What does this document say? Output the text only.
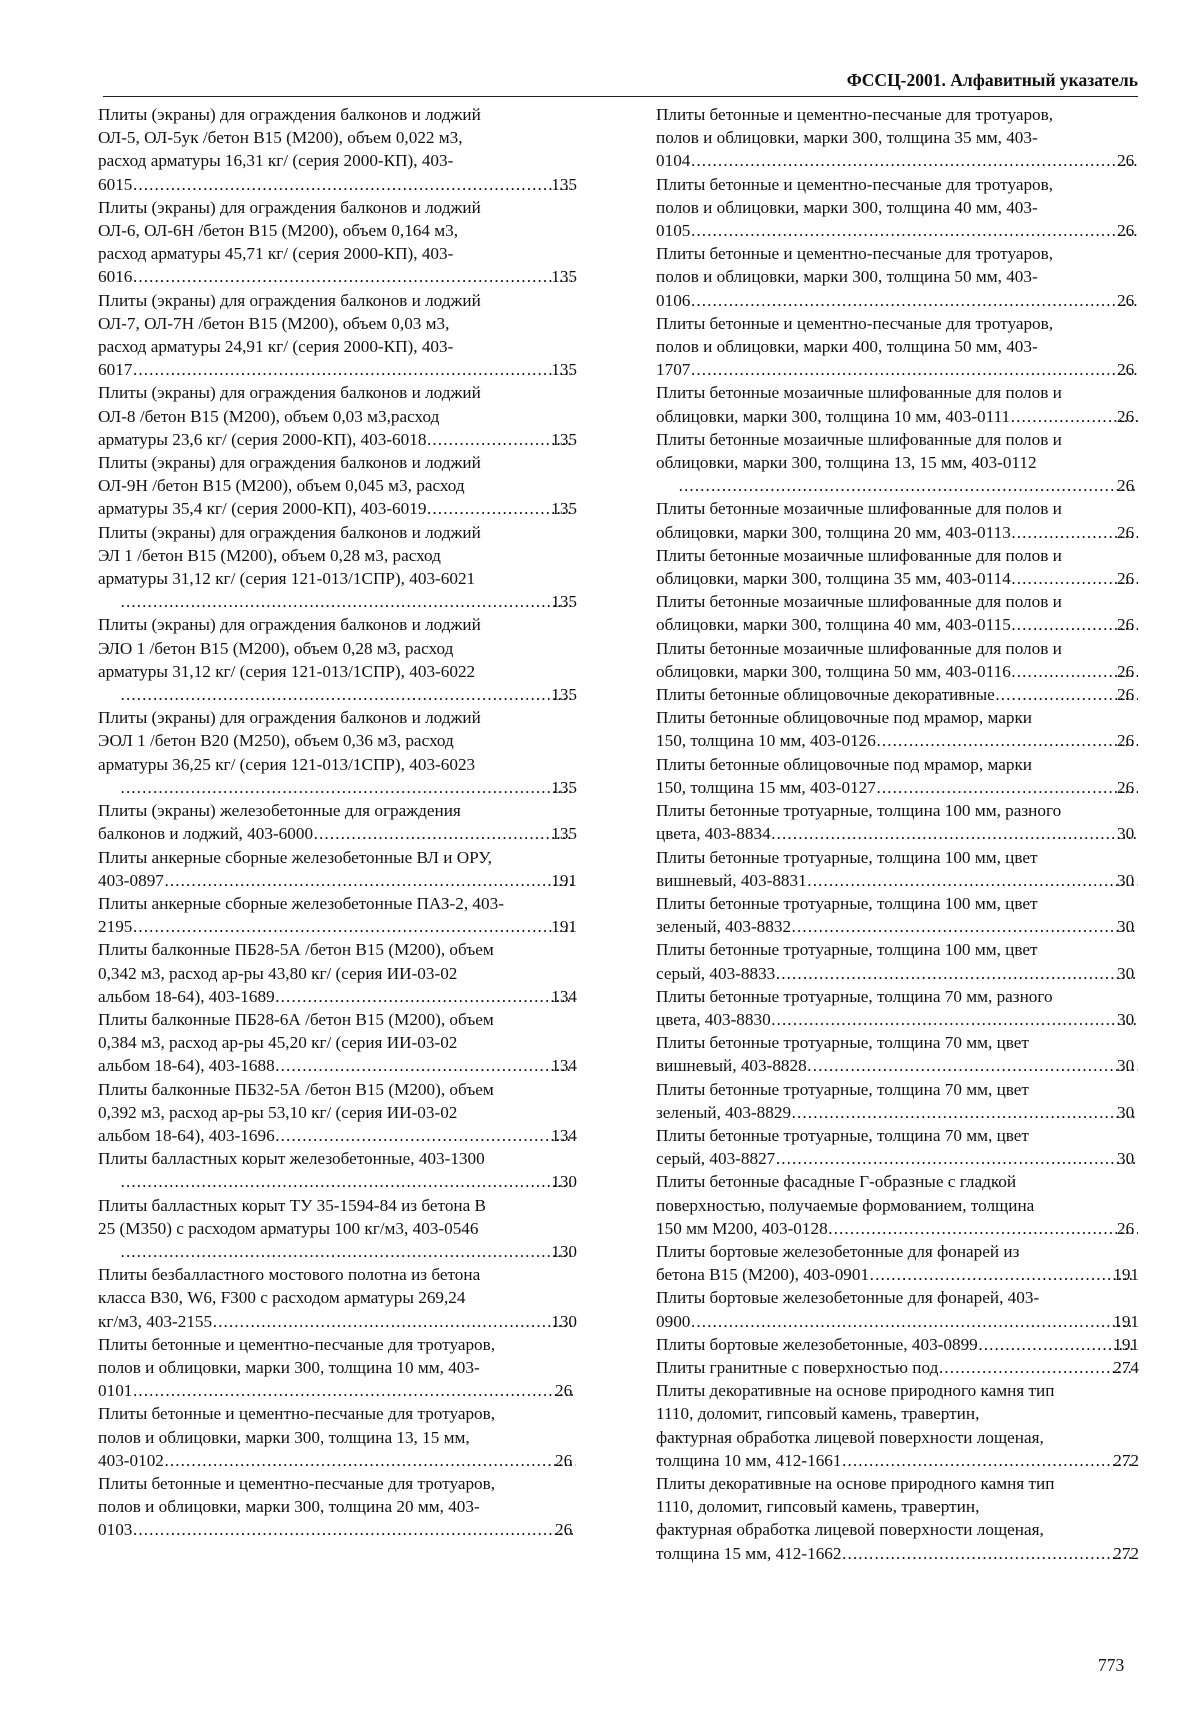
ФССЦ-2001. Алфавитный указатель
Плиты (экраны) для ограждения балконов и лоджий
ОЛ-5, ОЛ-5ук /бетон В15 (М200), объем 0,022 м3,
расход арматуры 16,31 кг/ (серия 2000-КП), 403-
6015 . . .	135
Плиты (экраны) для ограждения балконов и лоджий
ОЛ-6, ОЛ-6Н /бетон В15 (М200), объем 0,164 м3,
расход арматуры 45,71 кг/ (серия 2000-КП), 403-
6016 . . .	135
Плиты (экраны) для ограждения балконов и лоджий
ОЛ-7, ОЛ-7Н /бетон В15 (М200), объем 0,03 м3,
расход арматуры 24,91 кг/ (серия 2000-КП), 403-
6017 . . .	135
Плиты (экраны) для ограждения балконов и лоджий
ОЛ-8 /бетон В15 (М200), объем 0,03 м3,расход
арматуры 23,6 кг/ (серия 2000-КП), 403-6018 . . .	135
Плиты (экраны) для ограждения балконов и лоджий
ОЛ-9Н /бетон В15 (М200), объем 0,045 м3, расход
арматуры 35,4 кг/ (серия 2000-КП), 403-6019 . . .	135
Плиты (экраны) для ограждения балконов и лоджий
ЭЛ 1 /бетон В15 (М200), объем 0,28 м3, расход
арматуры 31,12 кг/ (серия 121-013/1СПР), 403-6021
. . .
135
Плиты (экраны) для ограждения балконов и лоджий
ЭЛО 1 /бетон В15 (М200), объем 0,28 м3, расход
арматуры 31,12 кг/ (серия 121-013/1СПР), 403-6022
. . .
135
Плиты (экраны) для ограждения балконов и лоджий
ЭОЛ 1 /бетон В20 (М250), объем 0,36 м3, расход
арматуры 36,25 кг/ (серия 121-013/1СПР), 403-6023
. . .
135
Плиты (экраны) железобетонные для ограждения
балконов и лоджий, 403-6000 . . .	135
Плиты анкерные сборные железобетонные ВЛ и ОРУ,
403-0897 . . .	191
Плиты анкерные сборные железобетонные ПАЗ-2, 403-
2195 . . .	191
Плиты балконные ПБ28-5А /бетон В15 (М200), объем
0,342 м3, расход ар-ры 43,80 кг/ (серия ИИ-03-02
альбом 18-64), 403-1689 . . .	134
Плиты балконные ПБ28-6А /бетон В15 (М200), объем
0,384 м3, расход ар-ры 45,20 кг/ (серия ИИ-03-02
альбом 18-64), 403-1688 . . .	134
Плиты балконные ПБ32-5А /бетон В15 (М200), объем
0,392 м3, расход ар-ры 53,10 кг/ (серия ИИ-03-02
альбом 18-64), 403-1696 . . .	134
Плиты балластных корыт железобетонные, 403-1300
. . .
130
Плиты балластных корыт ТУ 35-1594-84 из бетона В
25 (М350) с расходом арматуры 100 кг/м3, 403-0546
. . .
130
Плиты безбалластного мостового полотна из бетона
класса В30, W6, F300 с расходом арматуры 269,24
кг/м3, 403-2155 . . .	130
Плиты бетонные и цементно-песчаные для тротуаров,
полов и облицовки, марки 300, толщина 10 мм, 403-
0101 . . .	26
Плиты бетонные и цементно-песчаные для тротуаров,
полов и облицовки, марки 300, толщина 13, 15 мм,
403-0102 . . .	26
Плиты бетонные и цементно-песчаные для тротуаров,
полов и облицовки, марки 300, толщина 20 мм, 403-
0103 . . .	26
Плиты бетонные и цементно-песчаные для тротуаров,
полов и облицовки, марки 300, толщина 35 мм, 403-
0104 . . .	26
Плиты бетонные и цементно-песчаные для тротуаров,
полов и облицовки, марки 300, толщина 40 мм, 403-
0105 . . .	26
Плиты бетонные и цементно-песчаные для тротуаров,
полов и облицовки, марки 300, толщина 50 мм, 403-
0106 . . .	26
Плиты бетонные и цементно-песчаные для тротуаров,
полов и облицовки, марки 400, толщина 50 мм, 403-
1707 . . .	26
Плиты бетонные мозаичные шлифованные для полов и
облицовки, марки 300, толщина 10 мм, 403-0111 . . .	26
Плиты бетонные мозаичные шлифованные для полов и
облицовки, марки 300, толщина 13, 15 мм, 403-0112
. . .
26
Плиты бетонные мозаичные шлифованные для полов и
облицовки, марки 300, толщина 20 мм, 403-0113 . . .	26
Плиты бетонные мозаичные шлифованные для полов и
облицовки, марки 300, толщина 35 мм, 403-0114 . . .	26
Плиты бетонные мозаичные шлифованные для полов и
облицовки, марки 300, толщина 40 мм, 403-0115 . . .	26
Плиты бетонные мозаичные шлифованные для полов и
облицовки, марки 300, толщина 50 мм, 403-0116 . . .	26
Плиты бетонные облицовочные декоративные . . .	26
Плиты бетонные облицовочные под мрамор, марки
150, толщина 10 мм, 403-0126 . . .	26
Плиты бетонные облицовочные под мрамор, марки
150, толщина 15 мм, 403-0127 . . .	26
Плиты бетонные тротуарные, толщина 100 мм, разного
цвета, 403-8834 . . .	30
Плиты бетонные тротуарные, толщина 100 мм, цвет
вишневый, 403-8831 . . .	30
Плиты бетонные тротуарные, толщина 100 мм, цвет
зеленый, 403-8832 . . .	30
Плиты бетонные тротуарные, толщина 100 мм, цвет
серый, 403-8833 . . .	30
Плиты бетонные тротуарные, толщина 70 мм, разного
цвета, 403-8830 . . .	30
Плиты бетонные тротуарные, толщина 70 мм, цвет
вишневый, 403-8828 . . .	30
Плиты бетонные тротуарные, толщина 70 мм, цвет
зеленый, 403-8829 . . .	30
Плиты бетонные тротуарные, толщина 70 мм, цвет
серый, 403-8827 . . .	30
Плиты бетонные фасадные Г-образные с гладкой
поверхностью, получаемые формованием, толщина
150 мм М200, 403-0128 . . .	26
Плиты бортовые железобетонные для фонарей из
бетона В15 (М200), 403-0901 . . .	191
Плиты бортовые железобетонные для фонарей, 403-
0900 . . .	191
Плиты бортовые железобетонные, 403-0899 . . .	191
Плиты гранитные с поверхностью под . . .	274
Плиты декоративные на основе природного камня тип
1110, доломит, гипсовый камень, травертин,
фактурная обработка лицевой поверхности лощеная,
толщина 10 мм, 412-1661 . . .	272
Плиты декоративные на основе природного камня тип
1110, доломит, гипсовый камень, травертин,
фактурная обработка лицевой поверхности лощеная,
толщина 15 мм, 412-1662 . . .	272
773
